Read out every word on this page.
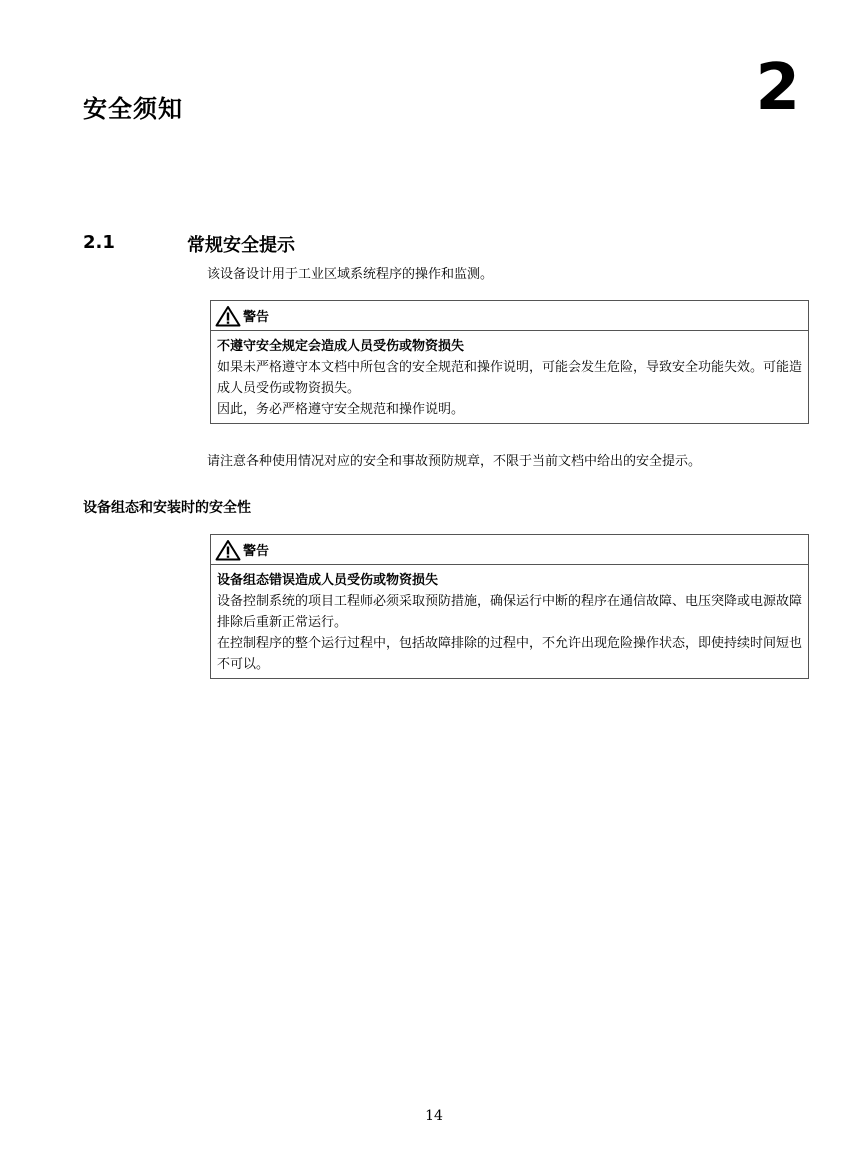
安全须知	2
2.1	常规安全提示
该设备设计用于工业区域系统程序的操作和监测。
警告
不遵守安全规定会造成人员受伤或物资损失
如果未严格遵守本文档中所包含的安全规范和操作说明，可能会发生危险，导致安全功能失效。可能造成人员受伤或物资损失。
因此，务必严格遵守安全规范和操作说明。
请注意各种使用情况对应的安全和事故预防规章，不限于当前文档中给出的安全提示。
设备组态和安装时的安全性
警告
设备组态错误造成人员受伤或物资损失
设备控制系统的项目工程师必须采取预防措施，确保运行中断的程序在通信故障、电压突降或电源故障排除后重新正常运行。
在控制程序的整个运行过程中，包括故障排除的过程中，不允许出现危险操作状态，即使持续时间短也不可以。
14
